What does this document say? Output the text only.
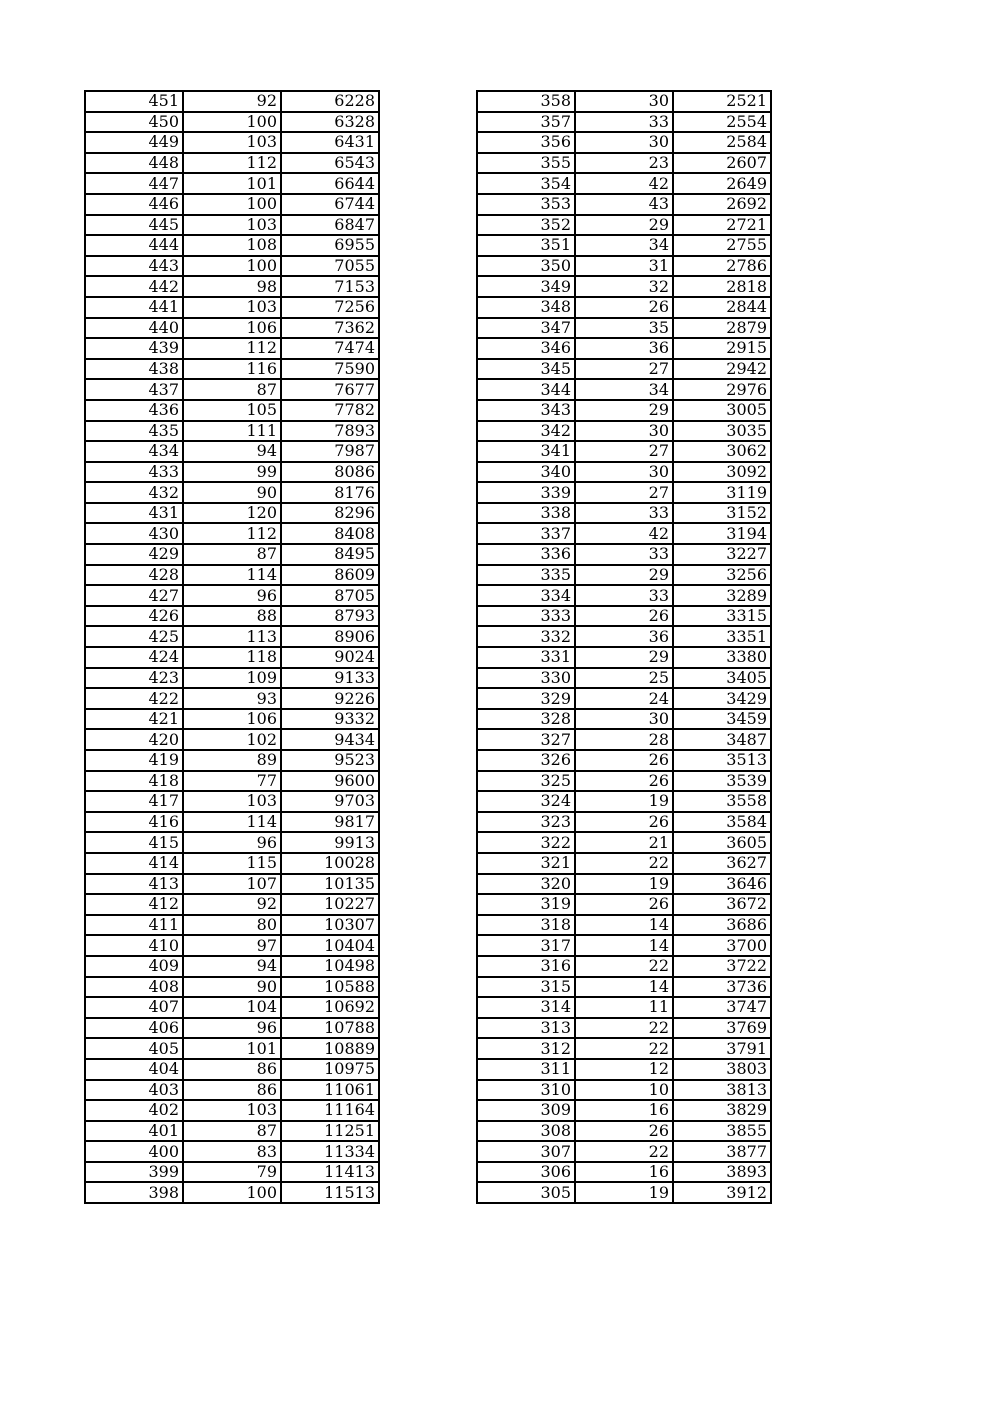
451	92	6228
450	100	6328
449	103	6431
448	112	6543
447	101	6644
446	100	6744
445	103	6847
444	108	6955
443	100	7055
442	98	7153
441	103	7256
440	106	7362
439	112	7474
438	116	7590
437	87	7677
436	105	7782
435	111	7893
434	94	7987
433	99	8086
432	90	8176
431	120	8296
430	112	8408
429	87	8495
428	114	8609
427	96	8705
426	88	8793
425	113	8906
424	118	9024
423	109	9133
422	93	9226
421	106	9332
420	102	9434
419	89	9523
418	77	9600
417	103	9703
416	114	9817
415	96	9913
414	115	10028
413	107	10135
412	92	10227
411	80	10307
410	97	10404
409	94	10498
408	90	10588
407	104	10692
406	96	10788
405	101	10889
404	86	10975
403	86	11061
402	103	11164
401	87	11251
400	83	11334
399	79	11413
398	100	11513
358	30	2521
357	33	2554
356	30	2584
355	23	2607
354	42	2649
353	43	2692
352	29	2721
351	34	2755
350	31	2786
349	32	2818
348	26	2844
347	35	2879
346	36	2915
345	27	2942
344	34	2976
343	29	3005
342	30	3035
341	27	3062
340	30	3092
339	27	3119
338	33	3152
337	42	3194
336	33	3227
335	29	3256
334	33	3289
333	26	3315
332	36	3351
331	29	3380
330	25	3405
329	24	3429
328	30	3459
327	28	3487
326	26	3513
325	26	3539
324	19	3558
323	26	3584
322	21	3605
321	22	3627
320	19	3646
319	26	3672
318	14	3686
317	14	3700
316	22	3722
315	14	3736
314	11	3747
313	22	3769
312	22	3791
311	12	3803
310	10	3813
309	16	3829
308	26	3855
307	22	3877
306	16	3893
305	19	3912
